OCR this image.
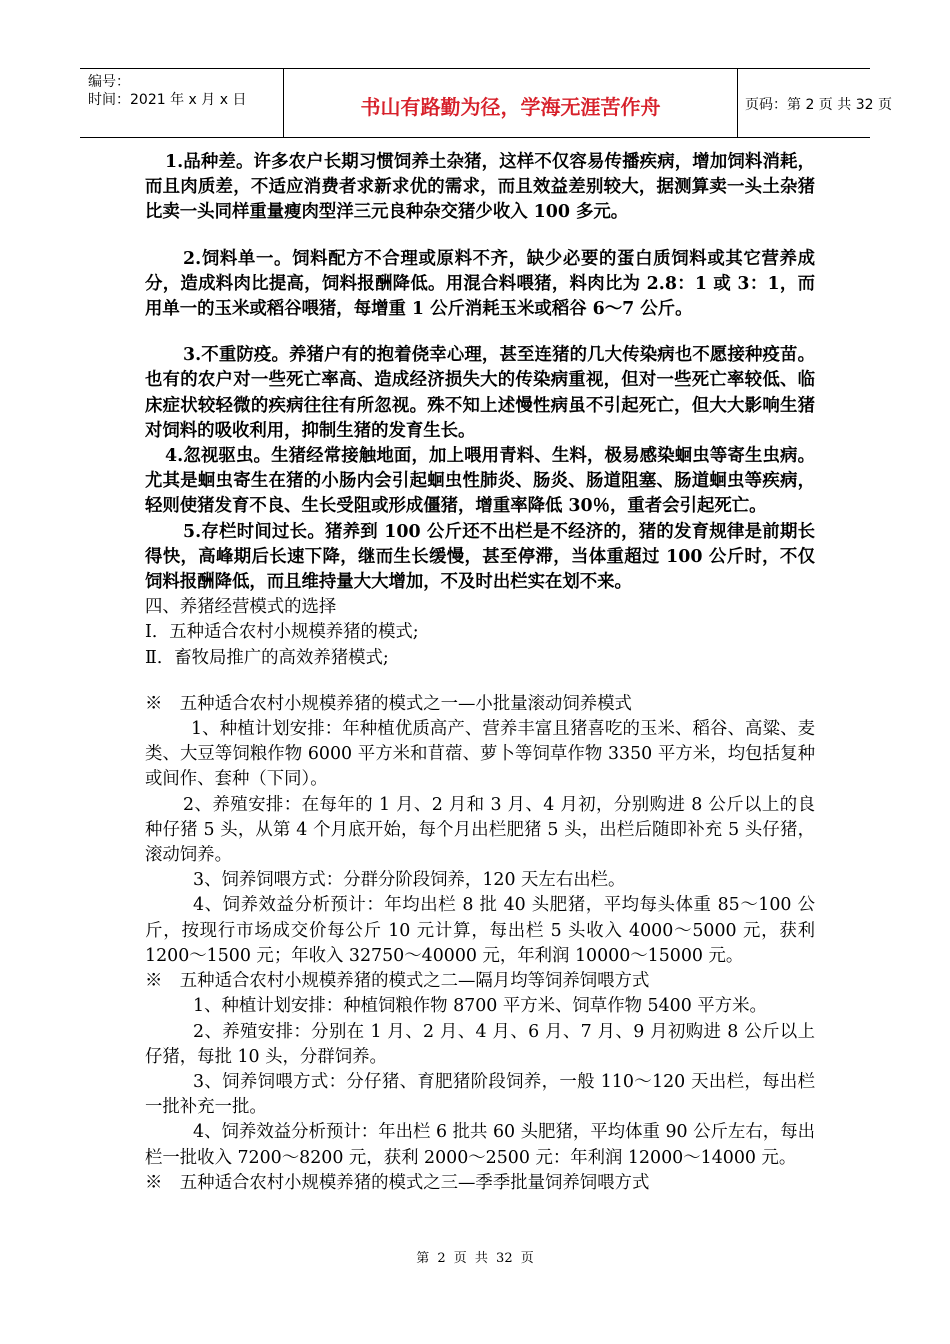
编号：
时间：2021 年 x 月 x 日	书山有路勤为径，学海无涯苦作舟	页码：第 2 页 共 32 页

1.品种差。许多农户长期习惯饲养土杂猪，这样不仅容易传播疾病，增加饲料消耗，而且肉质差，不适应消费者求新求优的需求，而且效益差别较大，据测算卖一头土杂猪比卖一头同样重量瘦肉型洋三元良种杂交猪少收入 100 多元。

2.饲料单一。饲料配方不合理或原料不齐，缺少必要的蛋白质饲料或其它营养成分，造成料肉比提高，饲料报酬降低。用混合料喂猪，料肉比为 2.8：1 或 3：1，而用单一的玉米或稻谷喂猪，每增重 1 公斤消耗玉米或稻谷 6～7 公斤。

3.不重防疫。养猪户有的抱着侥幸心理，甚至连猪的几大传染病也不愿接种疫苗。也有的农户对一些死亡率高、造成经济损失大的传染病重视，但对一些死亡率较低、临床症状较轻微的疾病往往有所忽视。殊不知上述慢性病虽不引起死亡，但大大影响生猪对饲料的吸收利用，抑制生猪的发育生长。

4.忽视驱虫。生猪经常接触地面，加上喂用青料、生料，极易感染蛔虫等寄生虫病。尤其是蛔虫寄生在猪的小肠内会引起蛔虫性肺炎、肠炎、肠道阻塞、肠道蛔虫等疾病，轻则使猪发育不良、生长受阻或形成僵猪，增重率降低 30％，重者会引起死亡。

5.存栏时间过长。猪养到 100 公斤还不出栏是不经济的，猪的发育规律是前期长得快，高峰期后长速下降，继而生长缓慢，甚至停滞，当体重超过 100 公斤时，不仅饲料报酬降低，而且维持量大大增加，不及时出栏实在划不来。

四、养猪经营模式的选择

Ⅰ．五种适合农村小规模养猪的模式;

Ⅱ．畜牧局推广的高效养猪模式;

※　五种适合农村小规模养猪的模式之一—小批量滚动饲养模式

1、种植计划安排：年种植优质高产、营养丰富且猪喜吃的玉米、稻谷、高粱、麦类、大豆等饲粮作物 6000 平方米和苜蓿、萝卜等饲草作物 3350 平方米，均包括复种或间作、套种（下同）。

2、养殖安排：在每年的 1 月、2 月和 3 月、4 月初，分别购进 8 公斤以上的良种仔猪 5 头，从第 4 个月底开始，每个月出栏肥猪 5 头，出栏后随即补充 5 头仔猪，滚动饲养。

3、饲养饲喂方式：分群分阶段饲养，120 天左右出栏。

4、饲养效益分析预计：年均出栏 8 批 40 头肥猪，平均每头体重 85～100 公斤，按现行市场成交价每公斤 10 元计算，每出栏 5 头收入 4000～5000 元，获利 1200～1500 元；年收入 32750～40000 元，年利润 10000～15000 元。

※　五种适合农村小规模养猪的模式之二—隔月均等饲养饲喂方式

1、种植计划安排：种植饲粮作物 8700 平方米、饲草作物 5400 平方米。

2、养殖安排：分别在 1 月、2 月、4 月、6 月、7 月、9 月初购进 8 公斤以上仔猪，每批 10 头，分群饲养。

3、饲养饲喂方式：分仔猪、育肥猪阶段饲养，一般 110～120 天出栏，每出栏一批补充一批。

4、饲养效益分析预计：年出栏 6 批共 60 头肥猪，平均体重 90 公斤左右，每出栏一批收入 7200～8200 元，获利 2000～2500 元：年利润 12000～14000 元。

※　五种适合农村小规模养猪的模式之三—季季批量饲养饲喂方式

第 2 页 共 32 页
